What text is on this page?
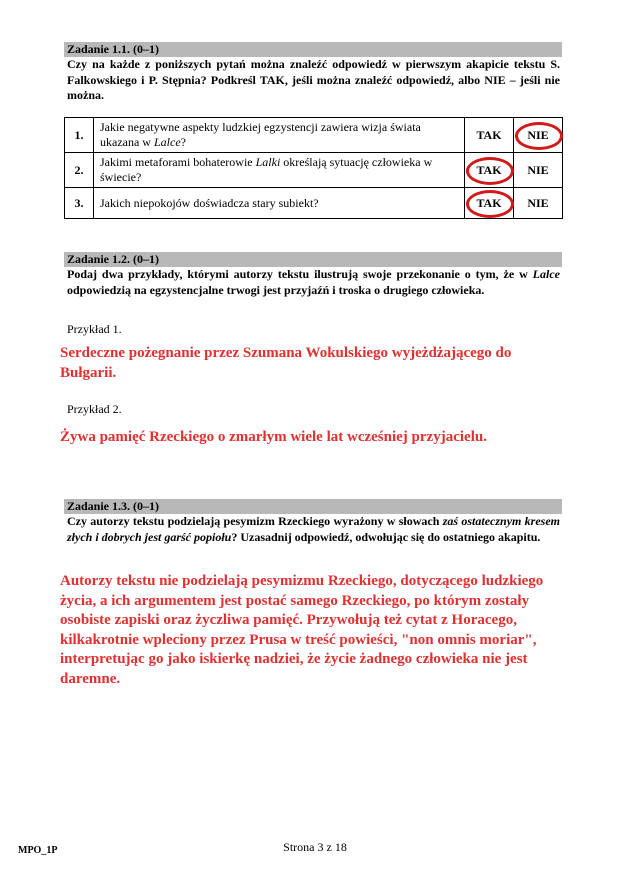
Zadanie 1.1. (0–1)
Czy na każde z poniższych pytań można znaleźć odpowiedź w pierwszym akapicie tekstu S. Falkowskiego i P. Stępnia? Podkreśl TAK, jeśli można znaleźć odpowiedź, albo NIE – jeśli nie można.
1.	Jakie negatywne aspekty ludzkiej egzystencji zawiera wizja świata ukazana w Lalce?	TAK	NIE

2.	Jakimi metaforami bohaterowie Lalki określają sytuację człowieka w świecie?	TAK	NIE
3.	Jakich niepokojów doświadcza stary subiekt?	TAK	NIE
Zadanie 1.2. (0–1)
Podaj dwa przykłady, którymi autorzy tekstu ilustrują swoje przekonanie o tym, że w Lalce odpowiedzią na egzystencjalne trwogi jest przyjaźń i troska o drugiego człowieka.
Przykład 1.
Serdeczne pożegnanie przez Szumana Wokulskiego wyjeżdżającego do Bułgarii.
Przykład 2.
Żywa pamięć Rzeckiego o zmarłym wiele lat wcześniej przyjacielu.
Zadanie 1.3. (0–1)
Czy autorzy tekstu podzielają pesymizm Rzeckiego wyrażony w słowach zaś ostatecznym kresem złych i dobrych jest garść popiołu? Uzasadnij odpowiedź, odwołując się do ostatniego akapitu.
Autorzy tekstu nie podzielają pesymizmu Rzeckiego, dotyczącego ludzkiego życia, a ich argumentem jest postać samego Rzeckiego, po którym zostały osobiste zapiski oraz życzliwa pamięć. Przywołują też cytat z Horacego, kilkakrotnie wpleciony przez Prusa w treść powieści, "non omnis moriar", interpretując go jako iskierkę nadziei, że życie żadnego człowieka nie jest daremne.
MPO_1P	Strona 3 z 18
